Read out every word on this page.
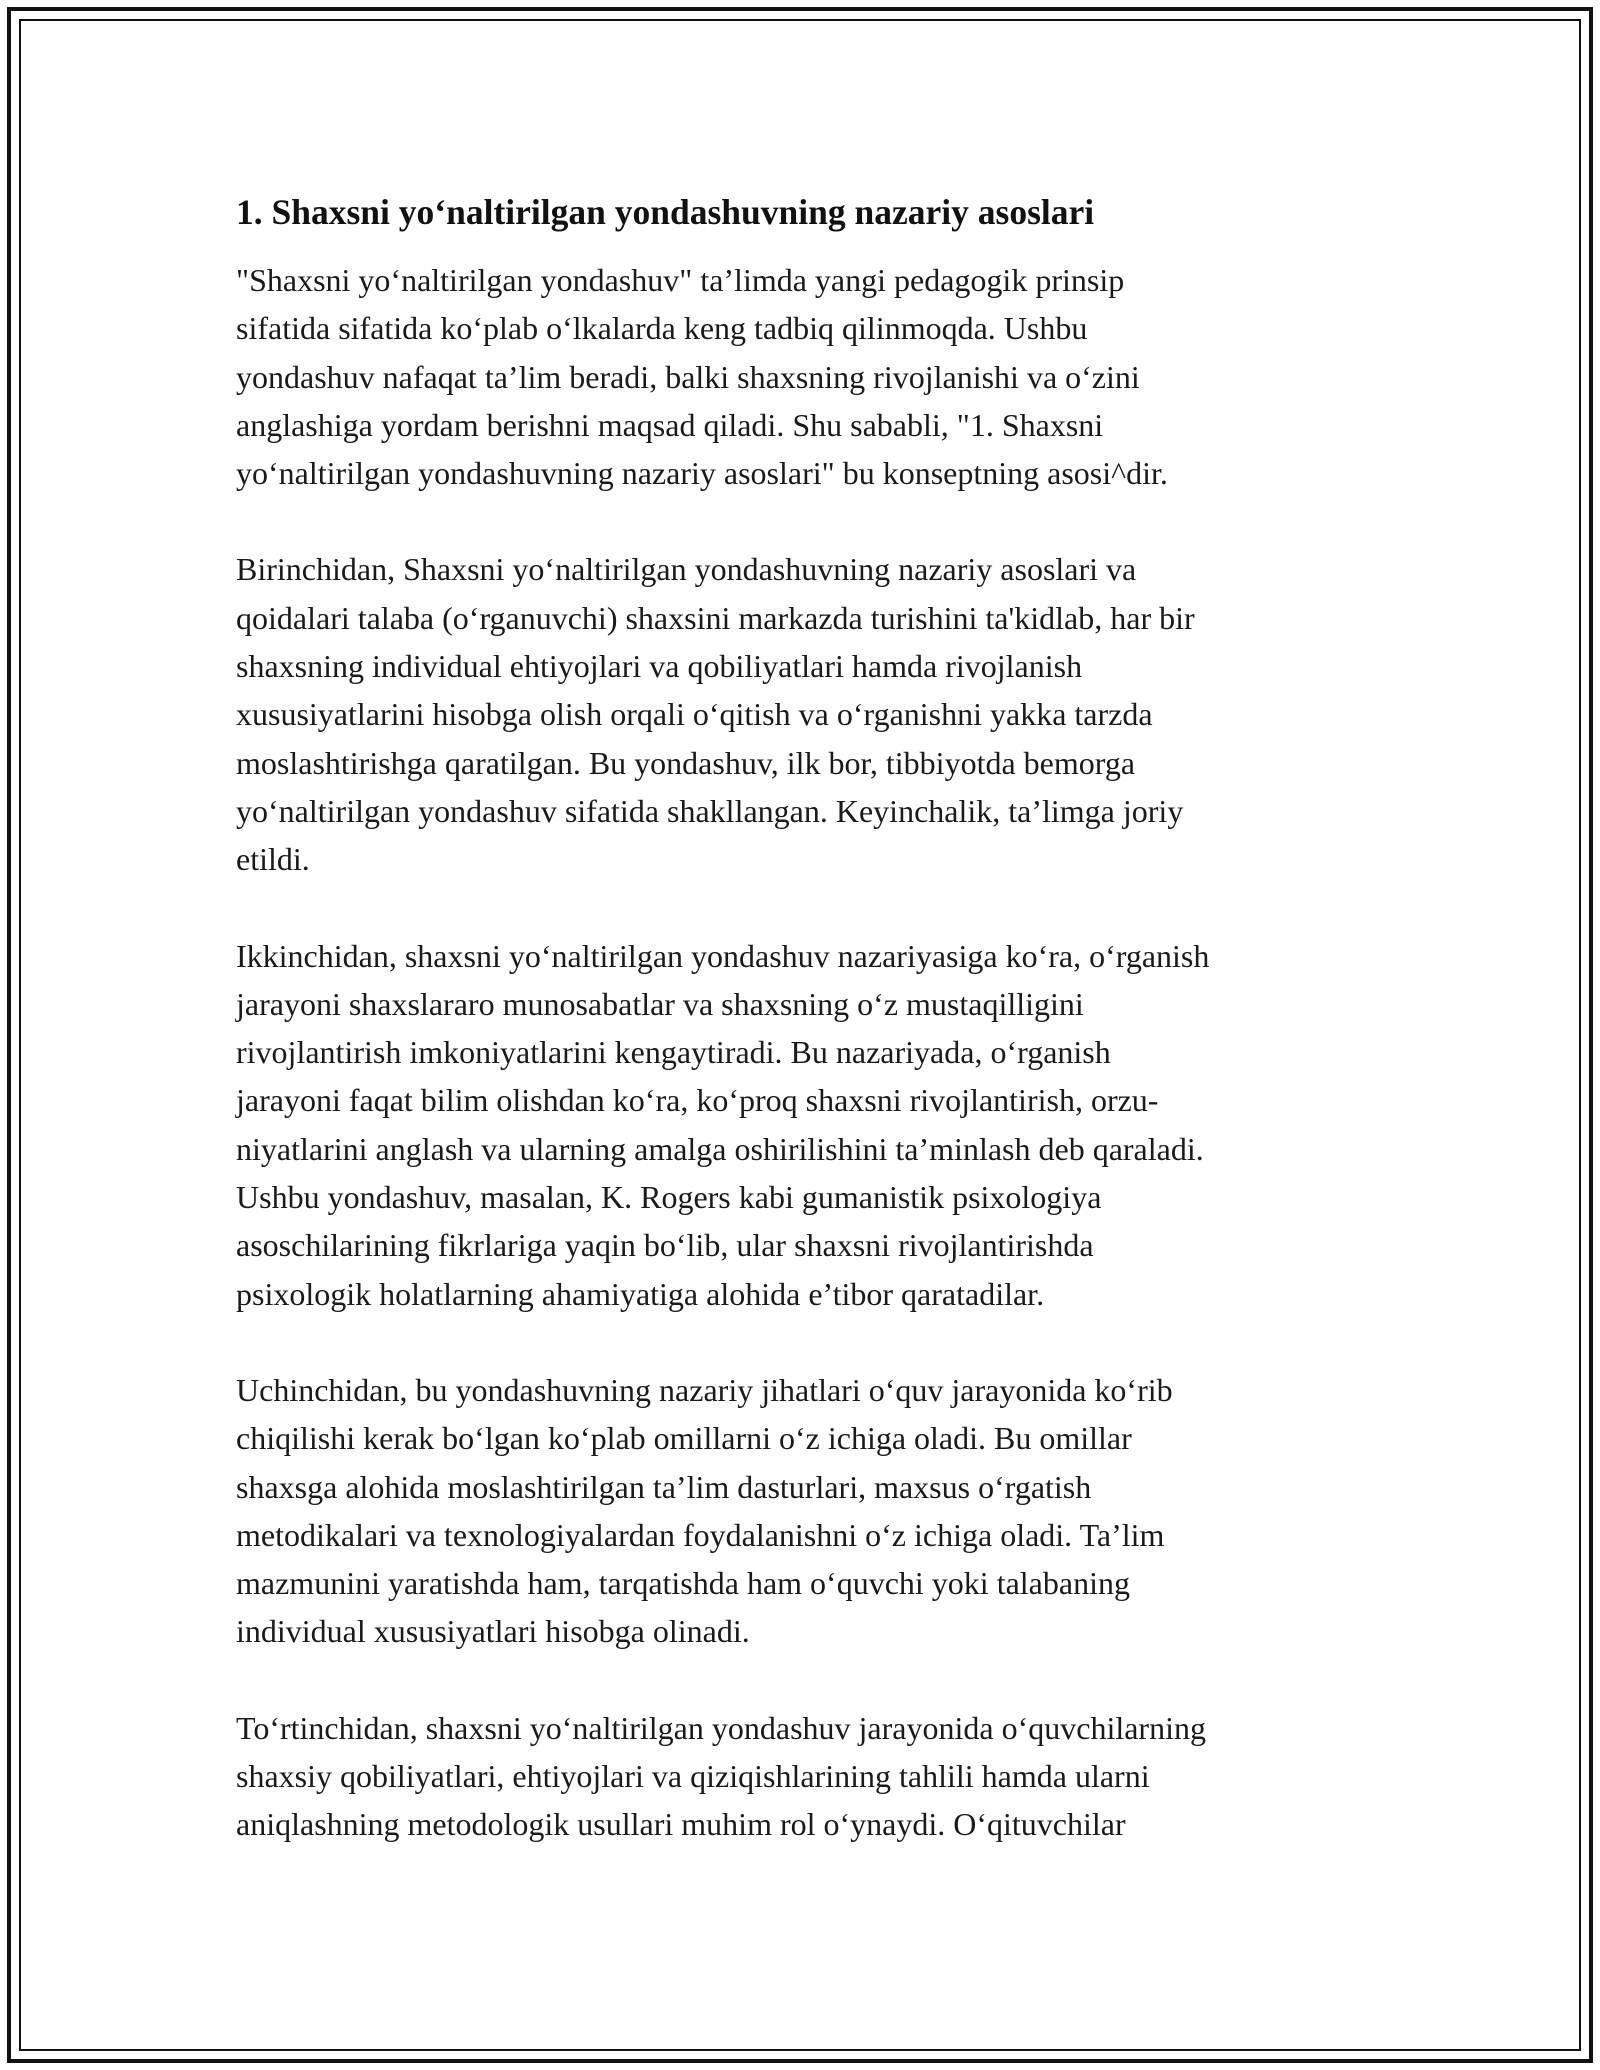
1. Shaxsni yo‘naltirilgan yondashuvning nazariy asoslari

"Shaxsni yo‘naltirilgan yondashuv" ta’limda yangi pedagogik prinsip
sifatida sifatida ko‘plab o‘lkalarda keng tadbiq qilinmoqda. Ushbu
yondashuv nafaqat ta’lim beradi, balki shaxsning rivojlanishi va o‘zini
anglashiga yordam berishni maqsad qiladi. Shu sababli, "1. Shaxsni
yo‘naltirilgan yondashuvning nazariy asoslari" bu konseptning asosi^dir.

Birinchidan, Shaxsni yo‘naltirilgan yondashuvning nazariy asoslari va
qoidalari talaba (o‘rganuvchi) shaxsini markazda turishini ta'kidlab, har bir
shaxsning individual ehtiyojlari va qobiliyatlari hamda rivojlanish
xususiyatlarini hisobga olish orqali o‘qitish va o‘rganishni yakka tarzda
moslashtirishga qaratilgan. Bu yondashuv, ilk bor, tibbiyotda bemorga
yo‘naltirilgan yondashuv sifatida shakllangan. Keyinchalik, ta’limga joriy
etildi.

Ikkinchidan, shaxsni yo‘naltirilgan yondashuv nazariyasiga ko‘ra, o‘rganish
jarayoni shaxslararo munosabatlar va shaxsning o‘z mustaqilligini
rivojlantirish imkoniyatlarini kengaytiradi. Bu nazariyada, o‘rganish
jarayoni faqat bilim olishdan ko‘ra, ko‘proq shaxsni rivojlantirish, orzu-
niyatlarini anglash va ularning amalga oshirilishini ta’minlash deb qaraladi.
Ushbu yondashuv, masalan, K. Rogers kabi gumanistik psixologiya
asoschilarining fikrlariga yaqin bo‘lib, ular shaxsni rivojlantirishda
psixologik holatlarning ahamiyatiga alohida e’tibor qaratadilar.

Uchinchidan, bu yondashuvning nazariy jihatlari o‘quv jarayonida ko‘rib
chiqilishi kerak bo‘lgan ko‘plab omillarni o‘z ichiga oladi. Bu omillar
shaxsga alohida moslashtirilgan ta’lim dasturlari, maxsus o‘rgatish
metodikalari va texnologiyalardan foydalanishni o‘z ichiga oladi. Ta’lim
mazmunini yaratishda ham, tarqatishda ham o‘quvchi yoki talabaning
individual xususiyatlari hisobga olinadi.

To‘rtinchidan, shaxsni yo‘naltirilgan yondashuv jarayonida o‘quvchilarning
shaxsiy qobiliyatlari, ehtiyojlari va qiziqishlarining tahlili hamda ularni
aniqlashning metodologik usullari muhim rol o‘ynaydi. O‘qituvchilar
